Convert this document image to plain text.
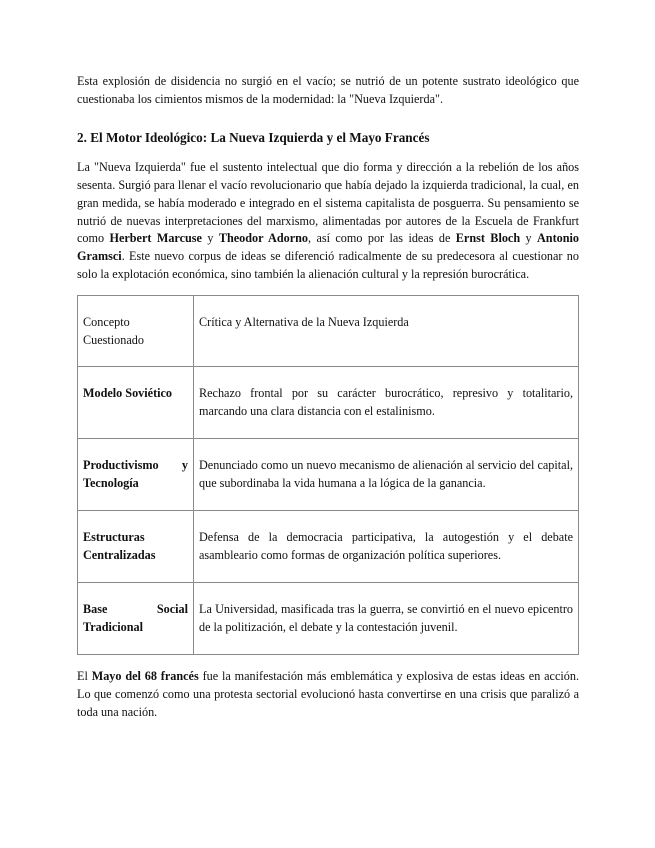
Esta explosión de disidencia no surgió en el vacío; se nutrió de un potente sustrato ideológico que cuestionaba los cimientos mismos de la modernidad: la "Nueva Izquierda".

2. El Motor Ideológico: La Nueva Izquierda y el Mayo Francés

La "Nueva Izquierda" fue el sustento intelectual que dio forma y dirección a la rebelión de los años sesenta. Surgió para llenar el vacío revolucionario que había dejado la izquierda tradicional, la cual, en gran medida, se había moderado e integrado en el sistema capitalista de posguerra. Su pensamiento se nutrió de nuevas interpretaciones del marxismo, alimentadas por autores de la Escuela de Frankfurt como Herbert Marcuse y Theodor Adorno, así como por las ideas de Ernst Bloch y Antonio Gramsci. Este nuevo corpus de ideas se diferenció radicalmente de su predecesora al cuestionar no solo la explotación económica, sino también la alienación cultural y la represión burocrática.

Concepto Cuestionado	Crítica y Alternativa de la Nueva Izquierda
Modelo Soviético	Rechazo frontal por su carácter burocrático, represivo y totalitario, marcando una clara distancia con el estalinismo.
Productivismo y Tecnología	Denunciado como un nuevo mecanismo de alienación al servicio del capital, que subordinaba la vida humana a la lógica de la ganancia.
Estructuras Centralizadas	Defensa de la democracia participativa, la autogestión y el debate asambleario como formas de organización política superiores.
Base Social Tradicional	La Universidad, masificada tras la guerra, se convirtió en el nuevo epicentro de la politización, el debate y la contestación juvenil.

El Mayo del 68 francés fue la manifestación más emblemática y explosiva de estas ideas en acción. Lo que comenzó como una protesta sectorial evolucionó hasta convertirse en una crisis que paralizó a toda una nación.
